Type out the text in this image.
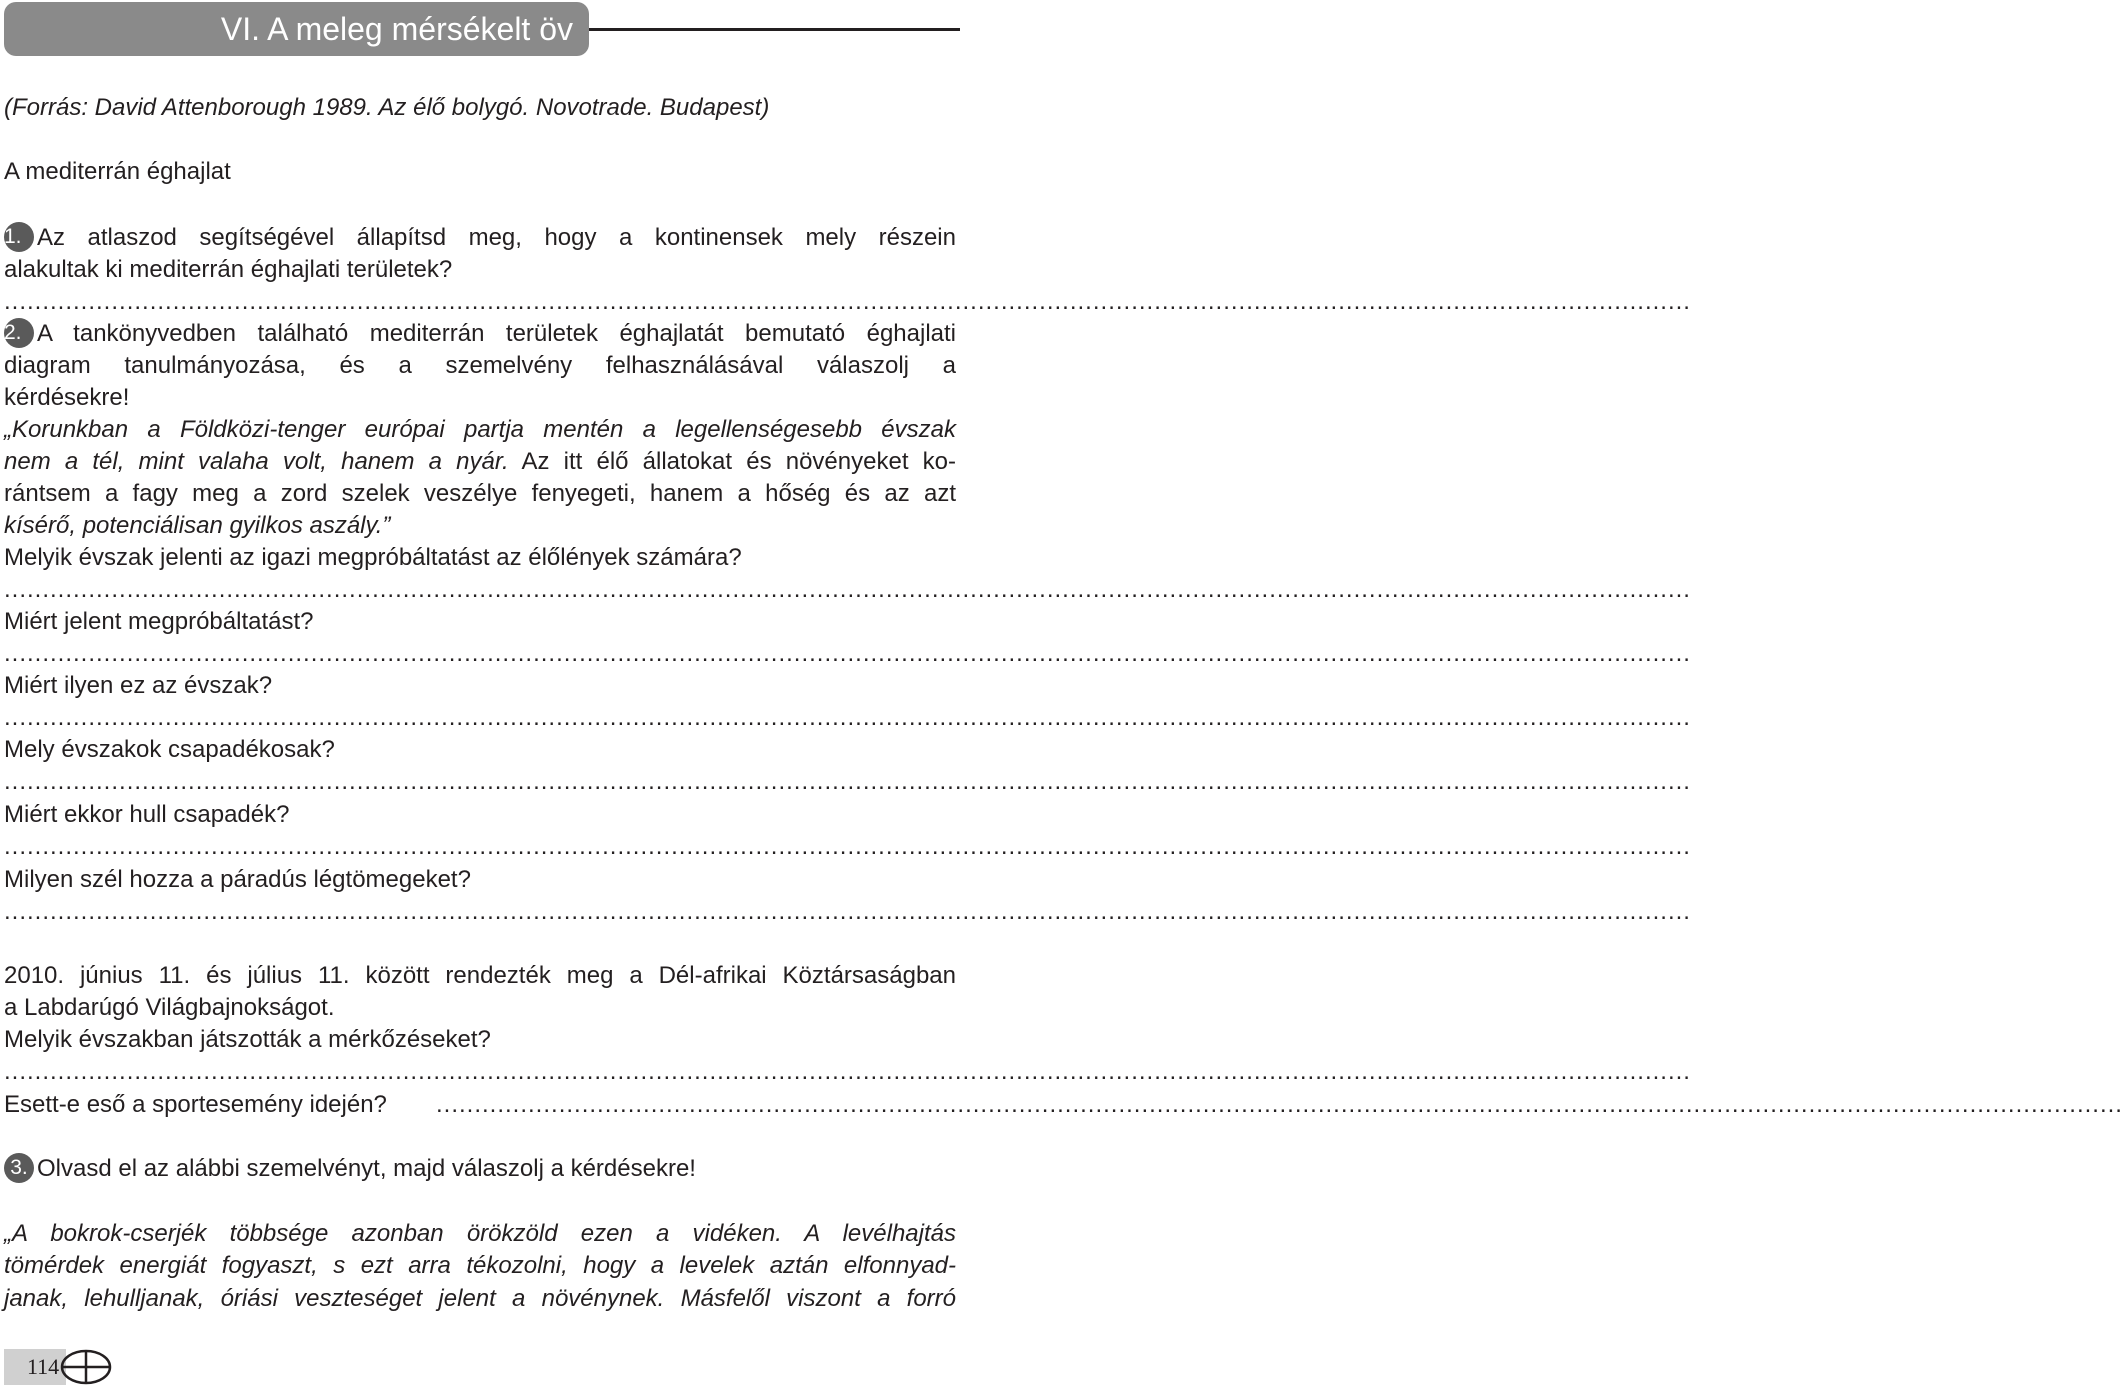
VI. A meleg mérsékelt öv
(Forrás: David Attenborough 1989. Az élő bolygó. Novotrade. Budapest)
A mediterrán éghajlat
1. Az atlaszod segítségével állapítsd meg, hogy a kontinensek mely részein
alakultak ki mediterrán éghajlati területek?
............................................................................................................................................................................................................................
2. A tankönyvedben található mediterrán területek éghajlatát bemutató éghajlati
diagram tanulmányozása, és a szemelvény felhasználásával válaszolj a
kérdésekre!
„Korunkban a Földközi-tenger európai partja mentén a legellenségesebb évszak
nem a tél, mint valaha volt, hanem a nyár. Az itt élő állatokat és növényeket ko-
rántsem a fagy meg a zord szelek veszélye fenyegeti, hanem a hőség és az azt
kísérő, potenciálisan gyilkos aszály.”
Melyik évszak jelenti az igazi megpróbáltatást az élőlények számára?
............................................................................................................................................................................................................................
Miért jelent megpróbáltatást?
............................................................................................................................................................................................................................
Miért ilyen ez az évszak?
............................................................................................................................................................................................................................
Mely évszakok csapadékosak?
............................................................................................................................................................................................................................
Miért ekkor hull csapadék?
............................................................................................................................................................................................................................
Milyen szél hozza a páradús légtömegeket?
............................................................................................................................................................................................................................
2010. június 11. és július 11. között rendezték meg a Dél-afrikai Köztársaságban
a Labdarúgó Világbajnokságot.
Melyik évszakban játszották a mérkőzéseket?
............................................................................................................................................................................................................................
Esett-e eső a sportesemény idején? ............................................................................................................................................................................................................................
3. Olvasd el az alábbi szemelvényt, majd válaszolj a kérdésekre!
„A bokrok-cserjék többsége azonban örökzöld ezen a vidéken. A levélhajtás
tömérdek energiát fogyaszt, s ezt arra tékozolni, hogy a levelek aztán elfonnyad-
janak, lehulljanak, óriási veszteséget jelent a növénynek. Másfelől viszont a forró
114
